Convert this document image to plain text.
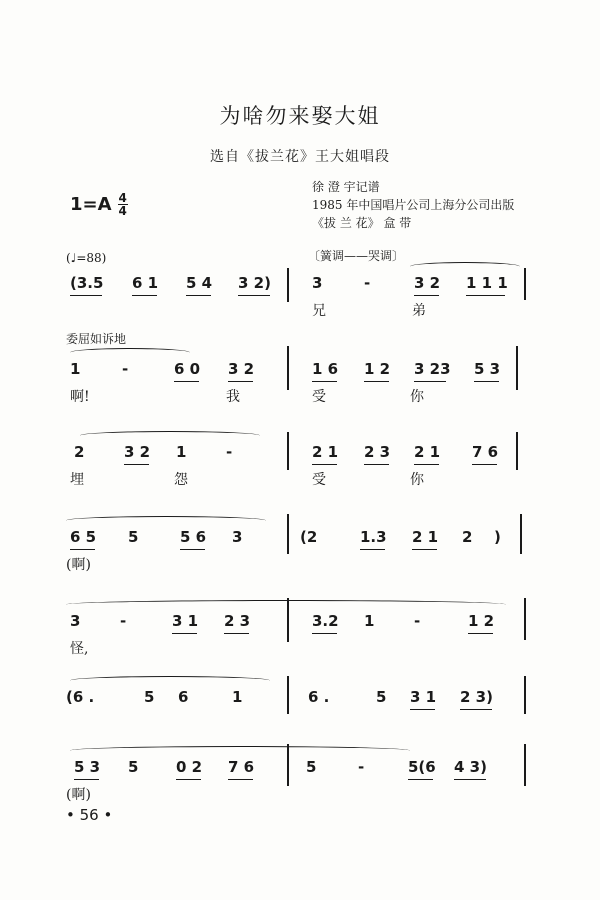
为啥勿来娶大姐
选自《拔兰花》王大姐唱段
$1=A \frac{4}{4}$
徐 澄 宇记谱
1985 年中国唱片公司上海分公司出版
《拔 兰 花》 盒 带
(♩=88)	〔簧调——哭调〕
委屈如诉地
(3.5 6 1 5 4 3 2)	3	-	3 2 1 1 1
兄	弟
1	-	6 0 3 2	1 6 1 2 3 23 5 3
啊!	我	受	你
2	3 2 1	-	2 1 2 3 2 1 7 6
埋	怨	受	你
6 5 5	5 6 3	(2	1.3 2 1 2 )
(啊)
3	-	3 1 2 3	3.2 1	-	1 2
怪,
(6 .	5 6	1	6 .	5 3 1 2 3)
5 3 5	0 2 7 6	5	-	5(6 4 3)
(啊)
• 56 •
